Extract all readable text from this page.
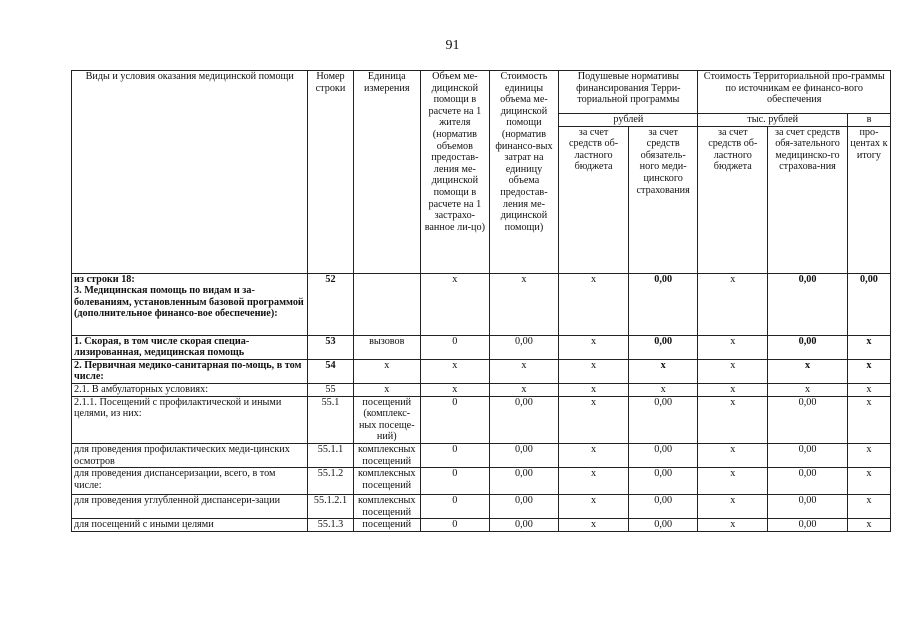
91
Виды и условия оказания медицинской помощи	Номер строки	Единица измерения	Объем ме-дицинской помощи в расчете на 1 жителя (норматив объемов предостав-ления ме-дицинской помощи в расчете на 1 застрахо-ванное ли-цо)	Стоимость единицы объема ме-дицинской помощи (норматив финансо-вых затрат на единицу объема предостав-ления ме-дицинской помощи)	Подушевые нормативы финансирования Терри-ториальной программы		Стоимость Территориальной про-граммы по источникам ее финансо-вого обеспечения		

					рублей		тыс. рублей		в
					за счет средств об-ластного бюджета	за счет средств обязатель-ного меди-цинского страхования	за счет средств об-ластного бюджета	за счет средств обя-зательного медицинско-го страхова-ния	про-центах к итогу
из строки 18:
3. Медицинская помощь по видам и за-болеваниям, установленным базовой программой (дополнительное финансо-вое обеспечение):	52		x	x	x	0,00	x	0,00	0,00
1. Скорая, в том числе скорая специа-лизированная, медицинская помощь	53	вызовов	0	0,00	x	0,00	x	0,00	x
2. Первичная медико-санитарная по-мощь, в том числе:	54	x	x	x	x	x	x	x	x
2.1. В амбулаторных условиях:	55	x	x	x	x	x	x	x	x
2.1.1. Посещений с профилактической и иными целями, из них:	55.1	посещений (комплекс-ных посеще-ний)	0	0,00	x	0,00	x	0,00	x
для проведения профилактических меди-цинских осмотров	55.1.1	комплексных посещений	0	0,00	x	0,00	x	0,00	x
для проведения диспансеризации, всего, в том числе:	55.1.2	комплексных посещений	0	0,00	x	0,00	x	0,00	x
для проведения углубленной диспансери-зации	55.1.2.1	комплексных посещений	0	0,00	x	0,00	x	0,00	x
для посещений с иными целями	55.1.3	посещений	0	0,00	x	0,00	x	0,00	x
